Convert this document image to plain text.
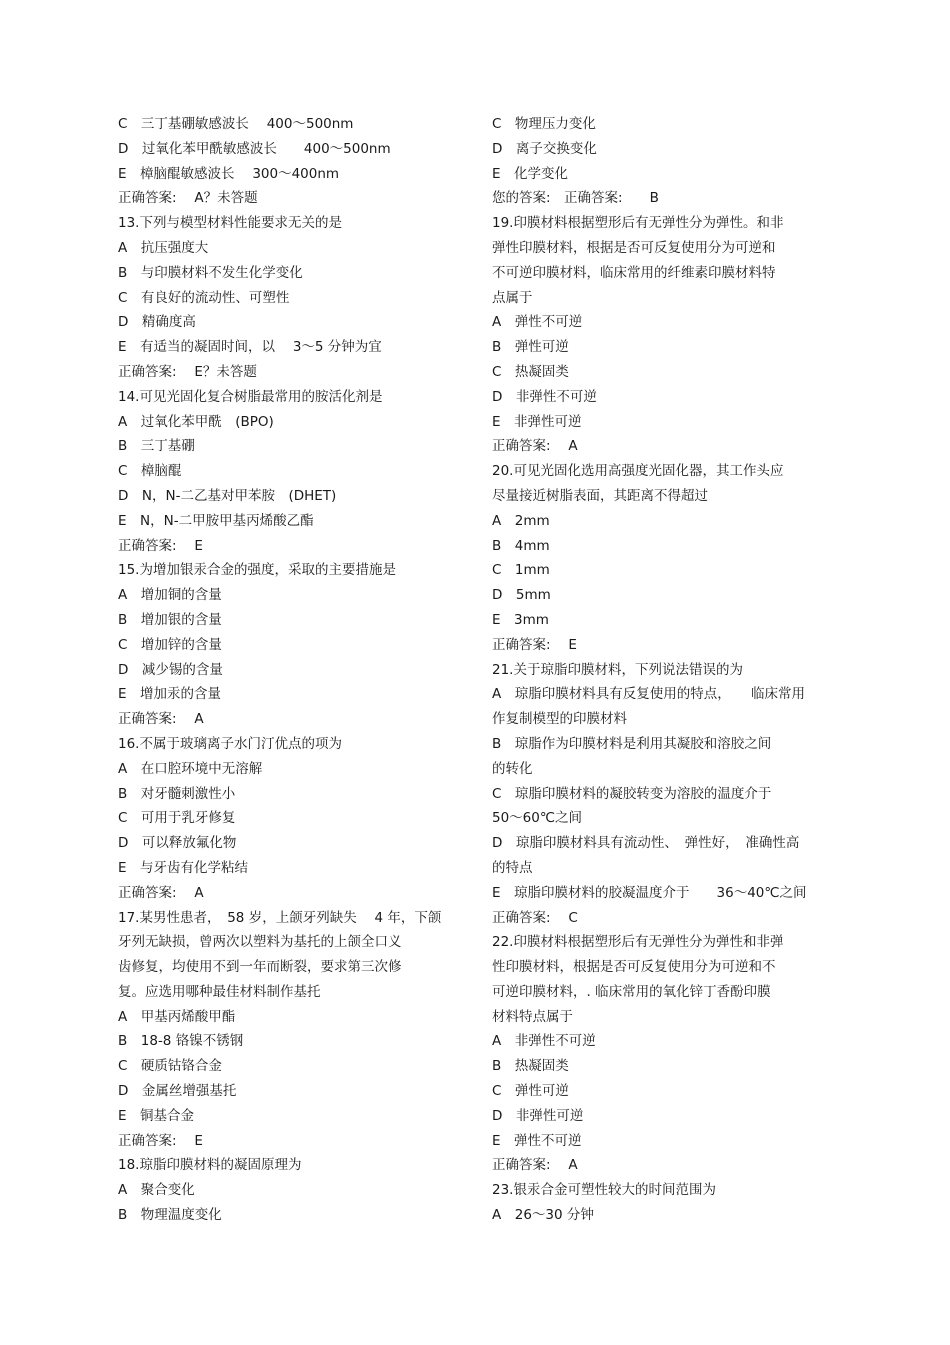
C　三丁基硼敏感波长　 400～500nm
D　过氧化苯甲酰敏感波长　　400～500nm
E　樟脑醌敏感波长　 300～400nm
正确答案:　 A？未答题
13.下列与模型材料性能要求无关的是
A　抗压强度大
B　与印膜材料不发生化学变化
C　有良好的流动性、可塑性
D　精确度高
E　有适当的凝固时间，以　 3～5 分钟为宜
正确答案:　 E？未答题
14.可见光固化复合树脂最常用的胺活化剂是
A　过氧化苯甲酰　(BPO)
B　三丁基硼
C　樟脑醌
D　N，N-二乙基对甲苯胺　(DHET)
E　N，N-二甲胺甲基丙烯酸乙酯
正确答案:　 E
15.为增加银汞合金的强度，采取的主要措施是
A　增加铜的含量
B　增加银的含量
C　增加锌的含量
D　减少锡的含量
E　增加汞的含量
正确答案:　 A
16.不属于玻璃离子水门汀优点的项为
A　在口腔环境中无溶解
B　对牙髓刺激性小
C　可用于乳牙修复
D　可以释放氟化物
E　与牙齿有化学粘结
正确答案:　 A
17.某男性患者，　58 岁，上颌牙列缺失　 4 年，下颌
牙列无缺损，曾两次以塑料为基托的上颌全口义
齿修复，均使用不到一年而断裂，要求第三次修
复。应选用哪种最佳材料制作基托
A　甲基丙烯酸甲酯
B　18-8 铬镍不锈钢
C　硬质钴铬合金
D　金属丝增强基托
E　铜基合金
正确答案:　 E
18.琼脂印膜材料的凝固原理为
A　聚合变化
B　物理温度变化
C　物理压力变化
D　离子交换变化
E　化学变化
您的答案:　正确答案:　　B
19.印膜材料根据塑形后有无弹性分为弹性。和非
弹性印膜材料，根据是否可反复使用分为可逆和
不可逆印膜材料，临床常用的纤维素印膜材料特
点属于
A　弹性不可逆
B　弹性可逆
C　热凝固类
D　非弹性不可逆
E　非弹性可逆
正确答案:　 A
20.可见光固化选用高强度光固化器，其工作头应
尽量接近树脂表面，其距离不得超过
A　2mm
B　4mm
C　1mm
D　5mm
E　3mm
正确答案:　 E
21.关于琼脂印膜材料，下列说法错误的为
A　琼脂印膜材料具有反复使用的特点，　　临床常用
作复制模型的印膜材料
B　琼脂作为印膜材料是利用其凝胶和溶胶之间
的转化
C　琼脂印膜材料的凝胶转变为溶胶的温度介于
50～60℃之间
D　琼脂印膜材料具有流动性、　弹性好，　准确性高
的特点
E　琼脂印膜材料的胶凝温度介于　　36～40℃之间
正确答案:　 C
22.印膜材料根据塑形后有无弹性分为弹性和非弹
性印膜材料，根据是否可反复使用分为可逆和不
可逆印膜材料，. 临床常用的氧化锌丁香酚印膜
材料特点属于
A　非弹性不可逆
B　热凝固类
C　弹性可逆
D　非弹性可逆
E　弹性不可逆
正确答案:　 A
23.银汞合金可塑性较大的时间范围为
A　26～30 分钟
